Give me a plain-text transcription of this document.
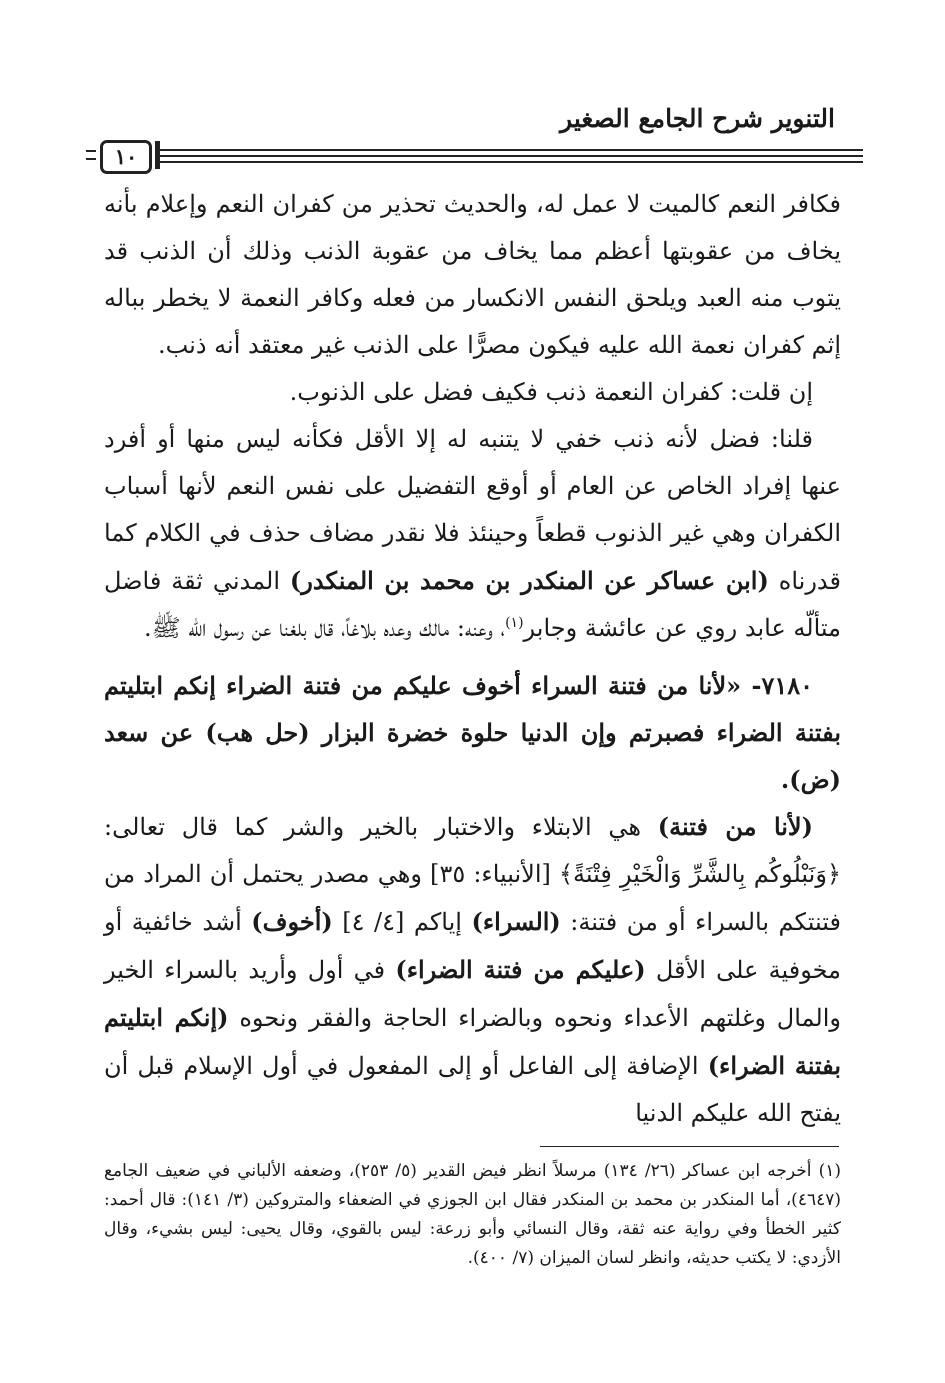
التنوير شرح الجامع الصغير
١٠

فكافر النعم كالميت لا عمل له، والحديث تحذير من كفران النعم وإعلام بأنه يخاف من عقوبتها أعظم مما يخاف من عقوبة الذنب وذلك أن الذنب قد يتوب منه العبد ويلحق النفس الانكسار من فعله وكافر النعمة لا يخطر بباله إثم كفران نعمة الله عليه فيكون مصرًّا على الذنب غير معتقد أنه ذنب.

إن قلت: كفران النعمة ذنب فكيف فضل على الذنوب.

قلنا: فضل لأنه ذنب خفي لا يتنبه له إلا الأقل فكأنه ليس منها أو أفرد عنها إفراد الخاص عن العام أو أوقع التفضيل على نفس النعم لأنها أسباب الكفران وهي غير الذنوب قطعاً وحينئذ فلا نقدر مضاف حذف في الكلام كما قدرناه (ابن عساكر عن المنكدر بن محمد بن المنكدر) المدني ثقة فاضل متألّه عابد روي عن عائشة وجابر$^{(١)}$، وعنه: مالك وعده بلاغاً، قال بلغنا عن رسول الله ﷺ.

٧١٨٠- «لأنا من فتنة السراء أخوف عليكم من فتنة الضراء إنكم ابتليتم بفتنة الضراء فصبرتم وإن الدنيا حلوة خضرة البزار (حل هب) عن سعد (ض).

(لأنا من فتنة) هي الابتلاء والاختبار بالخير والشر كما قال تعالى: ﴿وَنَبْلُوكُم بِالشَّرِّ وَالْخَيْرِ فِتْنَةً﴾ [الأنبياء: ٣٥] وهي مصدر يحتمل أن المراد من فتنتكم بالسراء أو من فتنة: (السراء) إياكم [٤/ ٤] (أخوف) أشد خائفية أو مخوفية على الأقل (عليكم من فتنة الضراء) في أول وأريد بالسراء الخير والمال وغلتهم الأعداء ونحوه وبالضراء الحاجة والفقر ونحوه (إنكم ابتليتم بفتنة الضراء) الإضافة إلى الفاعل أو إلى المفعول في أول الإسلام قبل أن يفتح الله عليكم الدنيا

(١) أخرجه ابن عساكر (٢٦/ ١٣٤) مرسلاً انظر فيض القدير (٥/ ٢٥٣)، وضعفه الألباني في ضعيف الجامع (٤٦٤٧)، أما المنكدر بن محمد بن المنكدر فقال ابن الجوزي في الضعفاء والمتروكين (٣/ ١٤١): قال أحمد: كثير الخطأ وفي رواية عنه ثقة، وقال النسائي وأبو زرعة: ليس بالقوي، وقال يحيى: ليس بشيء، وقال الأزدي: لا يكتب حديثه، وانظر لسان الميزان (٧/ ٤٠٠).
